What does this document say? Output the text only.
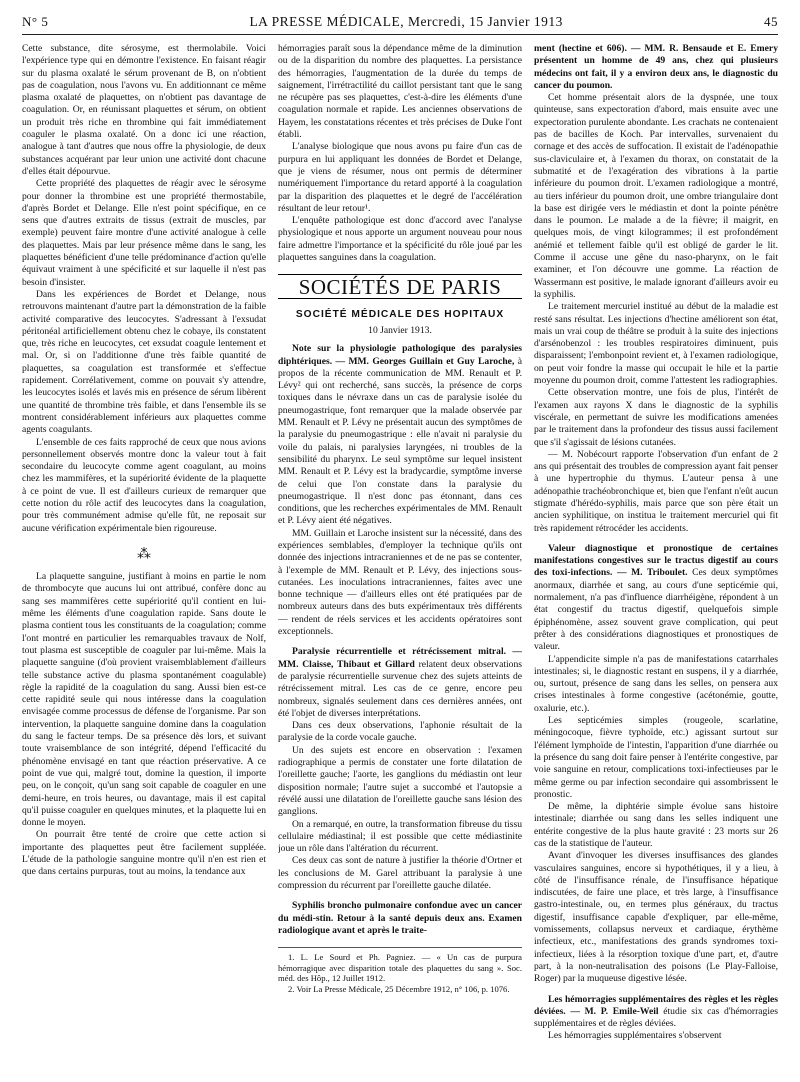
N° 5	LA PRESSE MÉDICALE, Mercredi, 15 Janvier 1913	45

Cette substance, dite sérosyme, est thermolabile. Voici l'expérience type qui en démontre l'existence. En faisant réagir sur du plasma oxalaté le sérum provenant de B, on n'obtient pas de coagulation, nous l'avons vu. En additionnant ce même plasma oxalaté de plaquettes, on n'obtient pas davantage de coagulation. Or, en réunissant plaquettes et sérum, on obtient un produit très riche en thrombine qui fait immédiatement coaguler le plasma oxalaté. On a donc ici une réaction, analogue à tant d'autres que nous offre la physiologie, de deux substances acquérant par leur union une activité dont chacune d'elles était dépourvue.

Cette propriété des plaquettes de réagir avec le sérosyme pour donner la thrombine est une propriété thermostabile, d'après Bordet et Delange. Elle n'est point spécifique, en ce sens que d'autres extraits de tissus (extrait de muscles, par exemple) peuvent faire montre d'une activité analogue à celle des plaquettes. Mais par leur présence même dans le sang, les plaquettes bénéficient d'une telle prédominance d'action qu'elle équivaut vraiment à une spécificité et sur laquelle il n'est pas besoin d'insister.

Dans les expériences de Bordet et Delange, nous retrouvons maintenant d'autre part la démonstration de la faible activité comparative des leucocytes. S'adressant à l'exsudat péritonéal artificiellement obtenu chez le cobaye, ils constatent que, très riche en leucocytes, cet exsudat coagule lentement et mal. Or, si on l'additionne d'une très faible quantité de plaquettes, sa coagulation est transformée et s'effectue rapidement. Corrélativement, comme on pouvait s'y attendre, les leucocytes isolés et lavés mis en présence de sérum libèrent une quantité de thrombine très faible, et dans l'ensemble ils se montrent considérablement inférieurs aux plaquettes comme agents coagulants.

L'ensemble de ces faits rapproché de ceux que nous avions personnellement observés montre donc la valeur tout à fait secondaire du leucocyte comme agent coagulant, au moins chez les mammifères, et la supériorité évidente de la plaquette à ce point de vue. Il est d'ailleurs curieux de remarquer que cette notion du rôle actif des leucocytes dans la coagulation, pour très communément admise qu'elle fût, ne reposait sur aucune vérification expérimentale bien rigoureuse.

⁂

La plaquette sanguine, justifiant à moins en partie le nom de thrombocyte que aucuns lui ont attribué, confère donc au sang ses mammifères cette supériorité qu'il contient en lui-même les éléments d'une coagulation rapide. Sans doute le plasma contient tous les constituants de la coagulation; comme l'ont montré en particulier les remarquables travaux de Nolf, tout plasma est susceptible de coaguler par lui-même. Mais la plaquette sanguine (d'où provient vraisemblablement d'ailleurs telle substance active du plasma spontanément coagulable) règle la rapidité de la coagulation du sang. Aussi bien est-ce cette rapidité seule qui nous intéresse dans la coagulation envisagée comme processus de défense de l'organisme. Par son intervention, la plaquette sanguine domine dans la coagulation du sang le facteur temps. De sa présence dès lors, et suivant toute vraisemblance de son intégrité, dépend l'efficacité du phénomène envisagé en tant que réaction préservative. A ce point de vue qui, malgré tout, domine la question, il importe peu, on le conçoit, qu'un sang soit capable de coaguler en une demi-heure, en trois heures, ou davantage, mais il est capital qu'il puisse coaguler en quelques minutes, et la plaquette lui en donne le moyen.

On pourrait être tenté de croire que cette action si importante des plaquettes peut être facilement suppléée. L'étude de la pathologie sanguine montre qu'il n'en est rien et que dans certains purpuras, tout au moins, la tendance aux

hémorragies paraît sous la dépendance même de la diminution ou de la disparition du nombre des plaquettes. La persistance des hémorragies, l'augmentation de la durée du temps de saignement, l'irrétractilité du caillot persistant tant que le sang ne récupère pas ses plaquettes, c'est-à-dire les éléments d'une coagulation normale et rapide. Les anciennes observations de Hayem, les constatations récentes et très précises de Duke l'ont établi.

L'analyse biologique que nous avons pu faire d'un cas de purpura en lui appliquant les données de Bordet et Delange, que je viens de résumer, nous ont permis de déterminer numériquement l'importance du retard apporté à la coagulation par la disparition des plaquettes et le degré de l'accélération résultant de leur retour¹.

L'enquête pathologique est donc d'accord avec l'analyse physiologique et nous apporte un argument nouveau pour nous faire admettre l'importance et la spécificité du rôle joué par les plaquettes sanguines dans la coagulation.

SOCIÉTÉS DE PARIS
SOCIÉTÉ MÉDICALE DES HOPITAUX
10 Janvier 1913.

Note sur la physiologie pathologique des paralysies diphtériques. — MM. Georges Guillain et Guy Laroche, à propos de la récente communication de MM. Renault et P. Lévy² qui ont recherché, sans succès, la présence de corps toxiques dans le névraxe dans un cas de paralysie isolée du pneumogastrique, font remarquer que la malade observée par MM. Renault et P. Lévy ne présentait aucun des symptômes de la paralysie du pneumogastrique : elle n'avait ni paralysie du voile du palais, ni paralysies laryngées, ni troubles de la sensibilité du pharynx. Le seul symptôme sur lequel insistent MM. Renault et P. Lévy est la bradycardie, symptôme inverse de celui que l'on constate dans la paralysie du pneumogastrique. Il n'est donc pas étonnant, dans ces conditions, que les recherches expérimentales de MM. Renault et P. Lévy aient été négatives.

MM. Guillain et Laroche insistent sur la nécessité, dans des expériences semblables, d'employer la technique qu'ils ont donnée des injections intracraniennes et de ne pas se contenter, à l'exemple de MM. Renault et P. Lévy, des injections sous-cutanées. Les inoculations intracraniennes, faites avec une bonne technique — d'ailleurs elles ont été pratiquées par de nombreux auteurs dans des buts expérimentaux très différents — rendent de réels services et les accidents opératoires sont exceptionnels.

Paralysie récurrentielle et rétrécissement mitral. — MM. Claisse, Thibaut et Gillard relatent deux observations de paralysie récurrentielle survenue chez des sujets atteints de rétrécissement mitral. Les cas de ce genre, encore peu nombreux, signalés seulement dans ces dernières années, ont été l'objet de diverses interprétations.

Dans ces deux observations, l'aphonie résultait de la paralysie de la corde vocale gauche.

Un des sujets est encore en observation : l'examen radiographique a permis de constater une forte dilatation de l'oreillette gauche; l'aorte, les ganglions du médiastin ont leur disposition normale; l'autre sujet a succombé et l'autopsie a révélé aussi une dilatation de l'oreillette gauche sans lésion des ganglions.

On a remarqué, en outre, la transformation fibreuse du tissu cellulaire médiastinal; il est possible que cette médiastinite joue un rôle dans l'altération du récurrent.

Ces deux cas sont de nature à justifier la théorie d'Ortner et les conclusions de M. Garel attribuant la paralysie à une compression du récurrent par l'oreillette gauche dilatée.

Syphilis broncho pulmonaire confondue avec un cancer du médi-stin. Retour à la santé depuis deux ans. Examen radiologique avant et après le traite-

1. L. Le Sourd et Ph. Pagniez. — « Un cas de purpura hémorragique avec disparition totale des plaquettes du sang ». Soc. méd. des Hôp., 12 Juillet 1912.

2. Voir La Presse Médicale, 25 Décembre 1912, n° 106, p. 1076.

ment (hectine et 606). — MM. R. Bensaude et E. Emery présentent un homme de 49 ans, chez qui plusieurs médecins ont fait, il y a environ deux ans, le diagnostic du cancer du poumon.

Cet homme présentait alors de la dyspnée, une toux quinteuse, sans expectoration d'abord, mais ensuite avec une expectoration purulente abondante. Les crachats ne contenaient pas de bacilles de Koch. Par intervalles, survenaient du cornage et des accès de suffocation. Il existait de l'adénopathie sus-claviculaire et, à l'examen du thorax, on constatait de la submatité et de l'exagération des vibrations à la partie inférieure du poumon droit. L'examen radiologique a montré, au tiers inférieur du poumon droit, une ombre triangulaire dont la base est dirigée vers le médiastin et dont la pointe pénètre dans le poumon. Le malade a de la fièvre; il maigrit, en quelques mois, de vingt kilogrammes; il est profondément anémié et tellement faible qu'il est obligé de garder le lit. Comme il accuse une gêne du naso-pharynx, on le fait examiner, et l'on découvre une gomme. La réaction de Wassermann est positive, le malade ignorant d'ailleurs avoir eu la syphilis.

Le traitement mercuriel institué au début de la maladie est resté sans résultat. Les injections d'hectine améliorent son état, mais un vrai coup de théâtre se produit à la suite des injections d'arsénobenzol : les troubles respiratoires diminuent, puis disparaissent; l'embonpoint revient et, à l'examen radiologique, on peut voir fondre la masse qui occupait le hile et la partie moyenne du poumon droit, comme l'attestent les radiographies.

Cette observation montre, une fois de plus, l'intérêt de l'examen aux rayons X dans le diagnostic de la syphilis viscérale, en permettant de suivre les modifications amenées par le traitement dans la profondeur des tissus aussi facilement que s'il s'agissait de lésions cutanées.

— M. Nobécourt rapporte l'observation d'un enfant de 2 ans qui présentait des troubles de compression ayant fait penser à une hypertrophie du thymus. L'auteur pensa à une adénopathie trachéobronchique et, bien que l'enfant n'eût aucun stigmate d'hérédo-syphilis, mais parce que son père était un ancien syphilitique, on institua le traitement mercuriel qui fit très rapidement rétrocéder les accidents.

Valeur diagnostique et pronostique de certaines manifestations congestives sur le tractus digestif au cours des toxi-infections. — M. Triboulet. Ces deux symptômes anormaux, diarrhée et sang, au cours d'une septicémie qui, normalement, n'a pas d'influence diarrhéigène, répondent à un état congestif du tractus digestif, quelquefois simple épiphénomène, assez souvent grave complication, qui peut prêter à des considérations diagnostiques et pronostiques de valeur.

L'appendicite simple n'a pas de manifestations catarrhales intestinales; si, le diagnostic restant en suspens, il y a diarrhée, ou, surtout, présence de sang dans les selles, on pensera aux crises intestinales à forme congestive (acétonémie, goutte, oxalurie, etc.).

Les septicémies simples (rougeole, scarlatine, méningocoque, fièvre typhoïde, etc.) agissant surtout sur l'élément lymphoïde de l'intestin, l'apparition d'une diarrhée ou la présence du sang doit faire penser à l'entérite congestive, par voie sanguine en retour, complications toxi-infectieuses par le même germe ou par infection secondaire qui assombrissent le pronostic.

De même, la diphtérie simple évolue sans histoire intestinale; diarrhée ou sang dans les selles indiquent une entérite congestive de la plus haute gravité : 23 morts sur 26 cas de la statistique de l'auteur.

Avant d'invoquer les diverses insuffisances des glandes vasculaires sanguines, encore si hypothétiques, il y a lieu, à côté de l'insuffisance rénale, de l'insuffisance hépatique indiscutées, de faire une place, et très large, à l'insuffisance gastro-intestinale, ou, en termes plus généraux, du tractus digestif, insuffisance capable d'expliquer, par elle-même, vomissements, collapsus nerveux et cardiaque, érythème infectieux, etc., manifestations des grands syndromes toxi-infectieux, liées à la résorption toxique d'une part, et, d'autre part, à la non-neutralisation des poisons (Le Play-Falloise, Roger) par la muqueuse digestive lésée.

Les hémorragies supplémentaires des règles et les règles déviées. — M. P. Emile-Weil étudie six cas d'hémorragies supplémentaires et de règles déviées.

Les hémorragies supplémentaires s'observent
